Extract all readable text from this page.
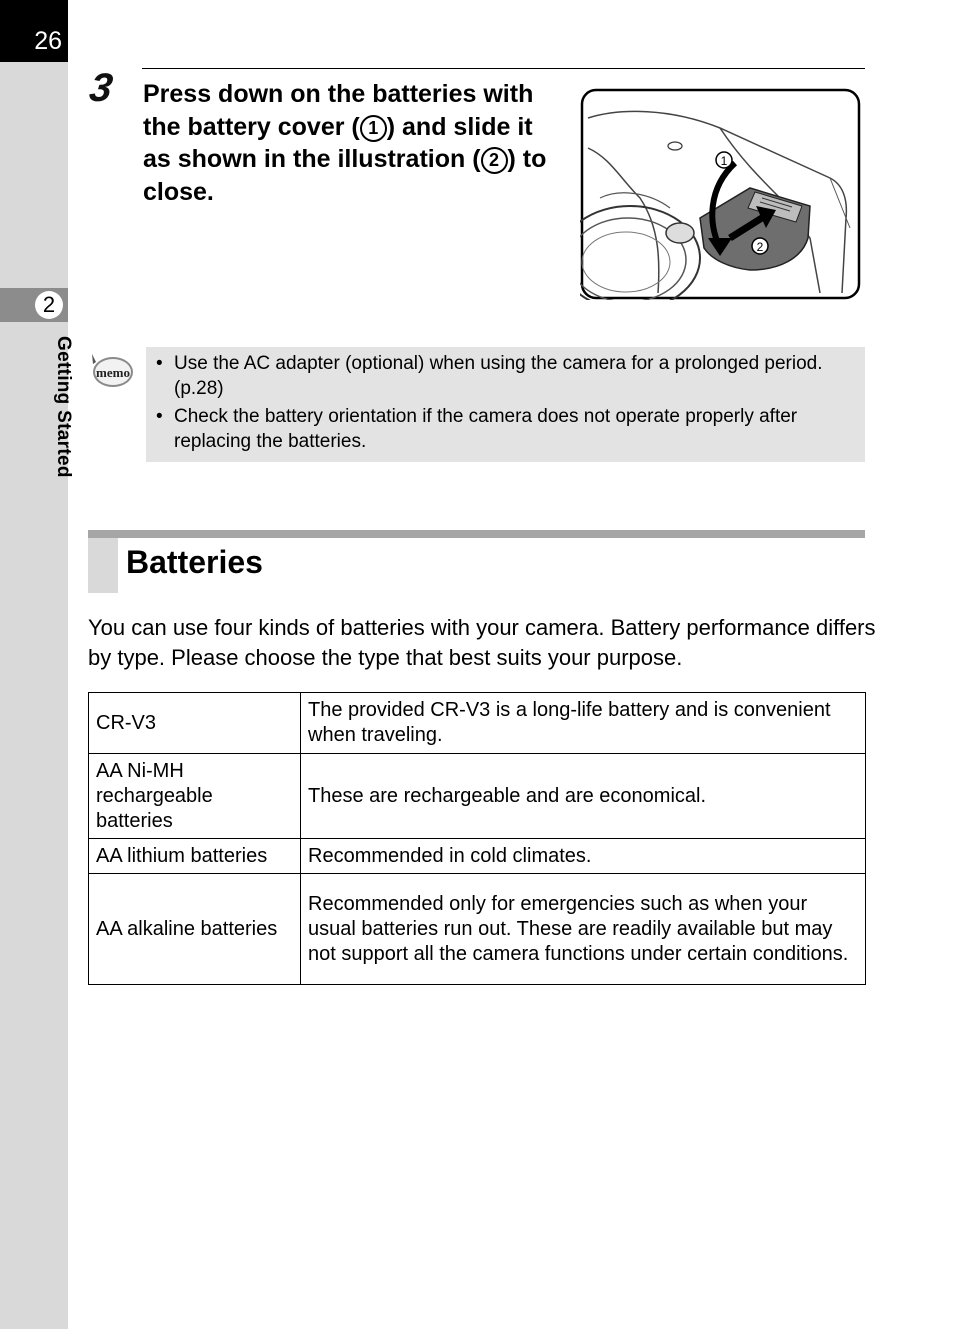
26
2
Getting Started
3 Press down on the batteries with the battery cover ( 1 ) and slide it as shown in the illustration ( 2 ) to close.
1
2
memo • Use the AC adapter (optional) when using the camera for a prolonged period. (p.28)
• Check the battery orientation if the camera does not operate properly after replacing the batteries.
Batteries
You can use four kinds of batteries with your camera. Battery performance differs by type. Please choose the type that best suits your purpose.
CR-V3	The provided CR-V3 is a long-life battery and is convenient when traveling.
AA Ni-MH rechargeable batteries	These are rechargeable and are economical.
AA lithium batteries	Recommended in cold climates.
AA alkaline batteries	Recommended only for emergencies such as when your usual batteries run out. These are readily available but may not support all the camera functions under certain conditions.
